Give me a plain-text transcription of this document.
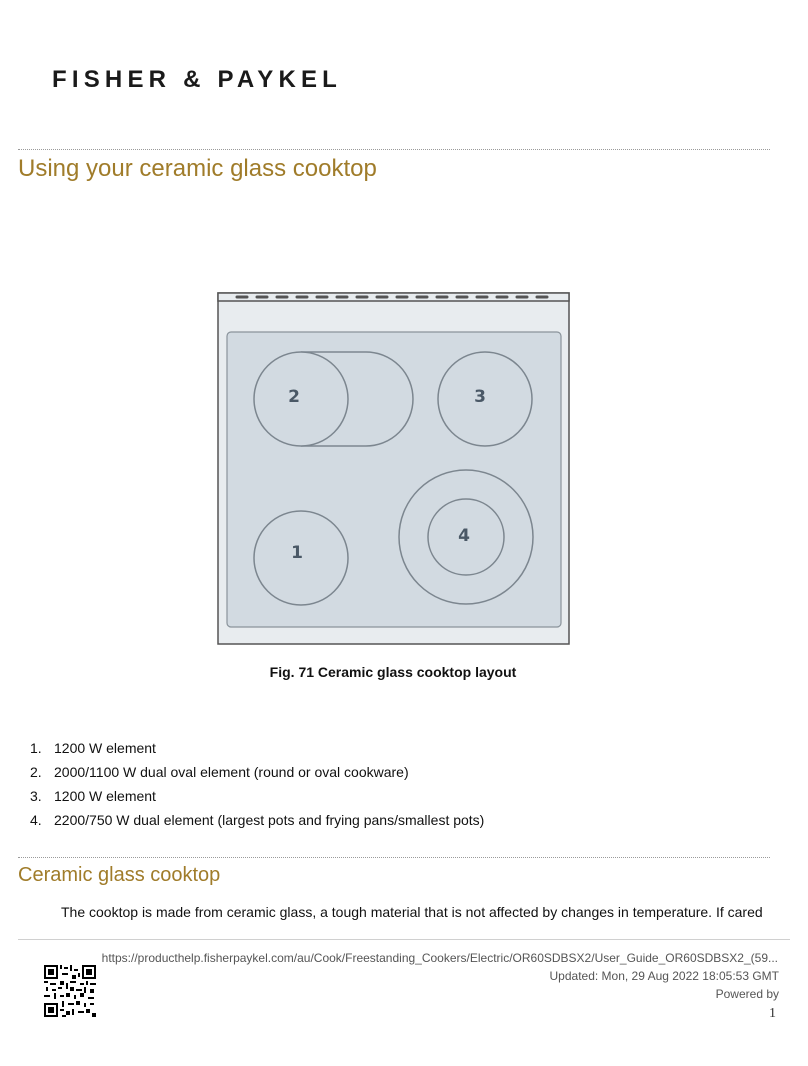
FISHER & PAYKEL
Using your ceramic glass cooktop
2	3
1
4
Fig. 71 Ceramic glass cooktop layout
1. 1200 W element
2. 2000/1100 W dual oval element (round or oval cookware)
3. 1200 W element
4. 2200/750 W dual element (largest pots and frying pans/smallest pots)
Ceramic glass cooktop
The cooktop is made from ceramic glass, a tough material that is not affected by changes in temperature. If cared
https://producthelp.fisherpaykel.com/au/Cook/Freestanding_Cookers/Electric/OR60SDBSX2/User_Guide_OR60SDBSX2_(59...
Updated: Mon, 29 Aug 2022 18:05:53 GMT
Powered by
1
